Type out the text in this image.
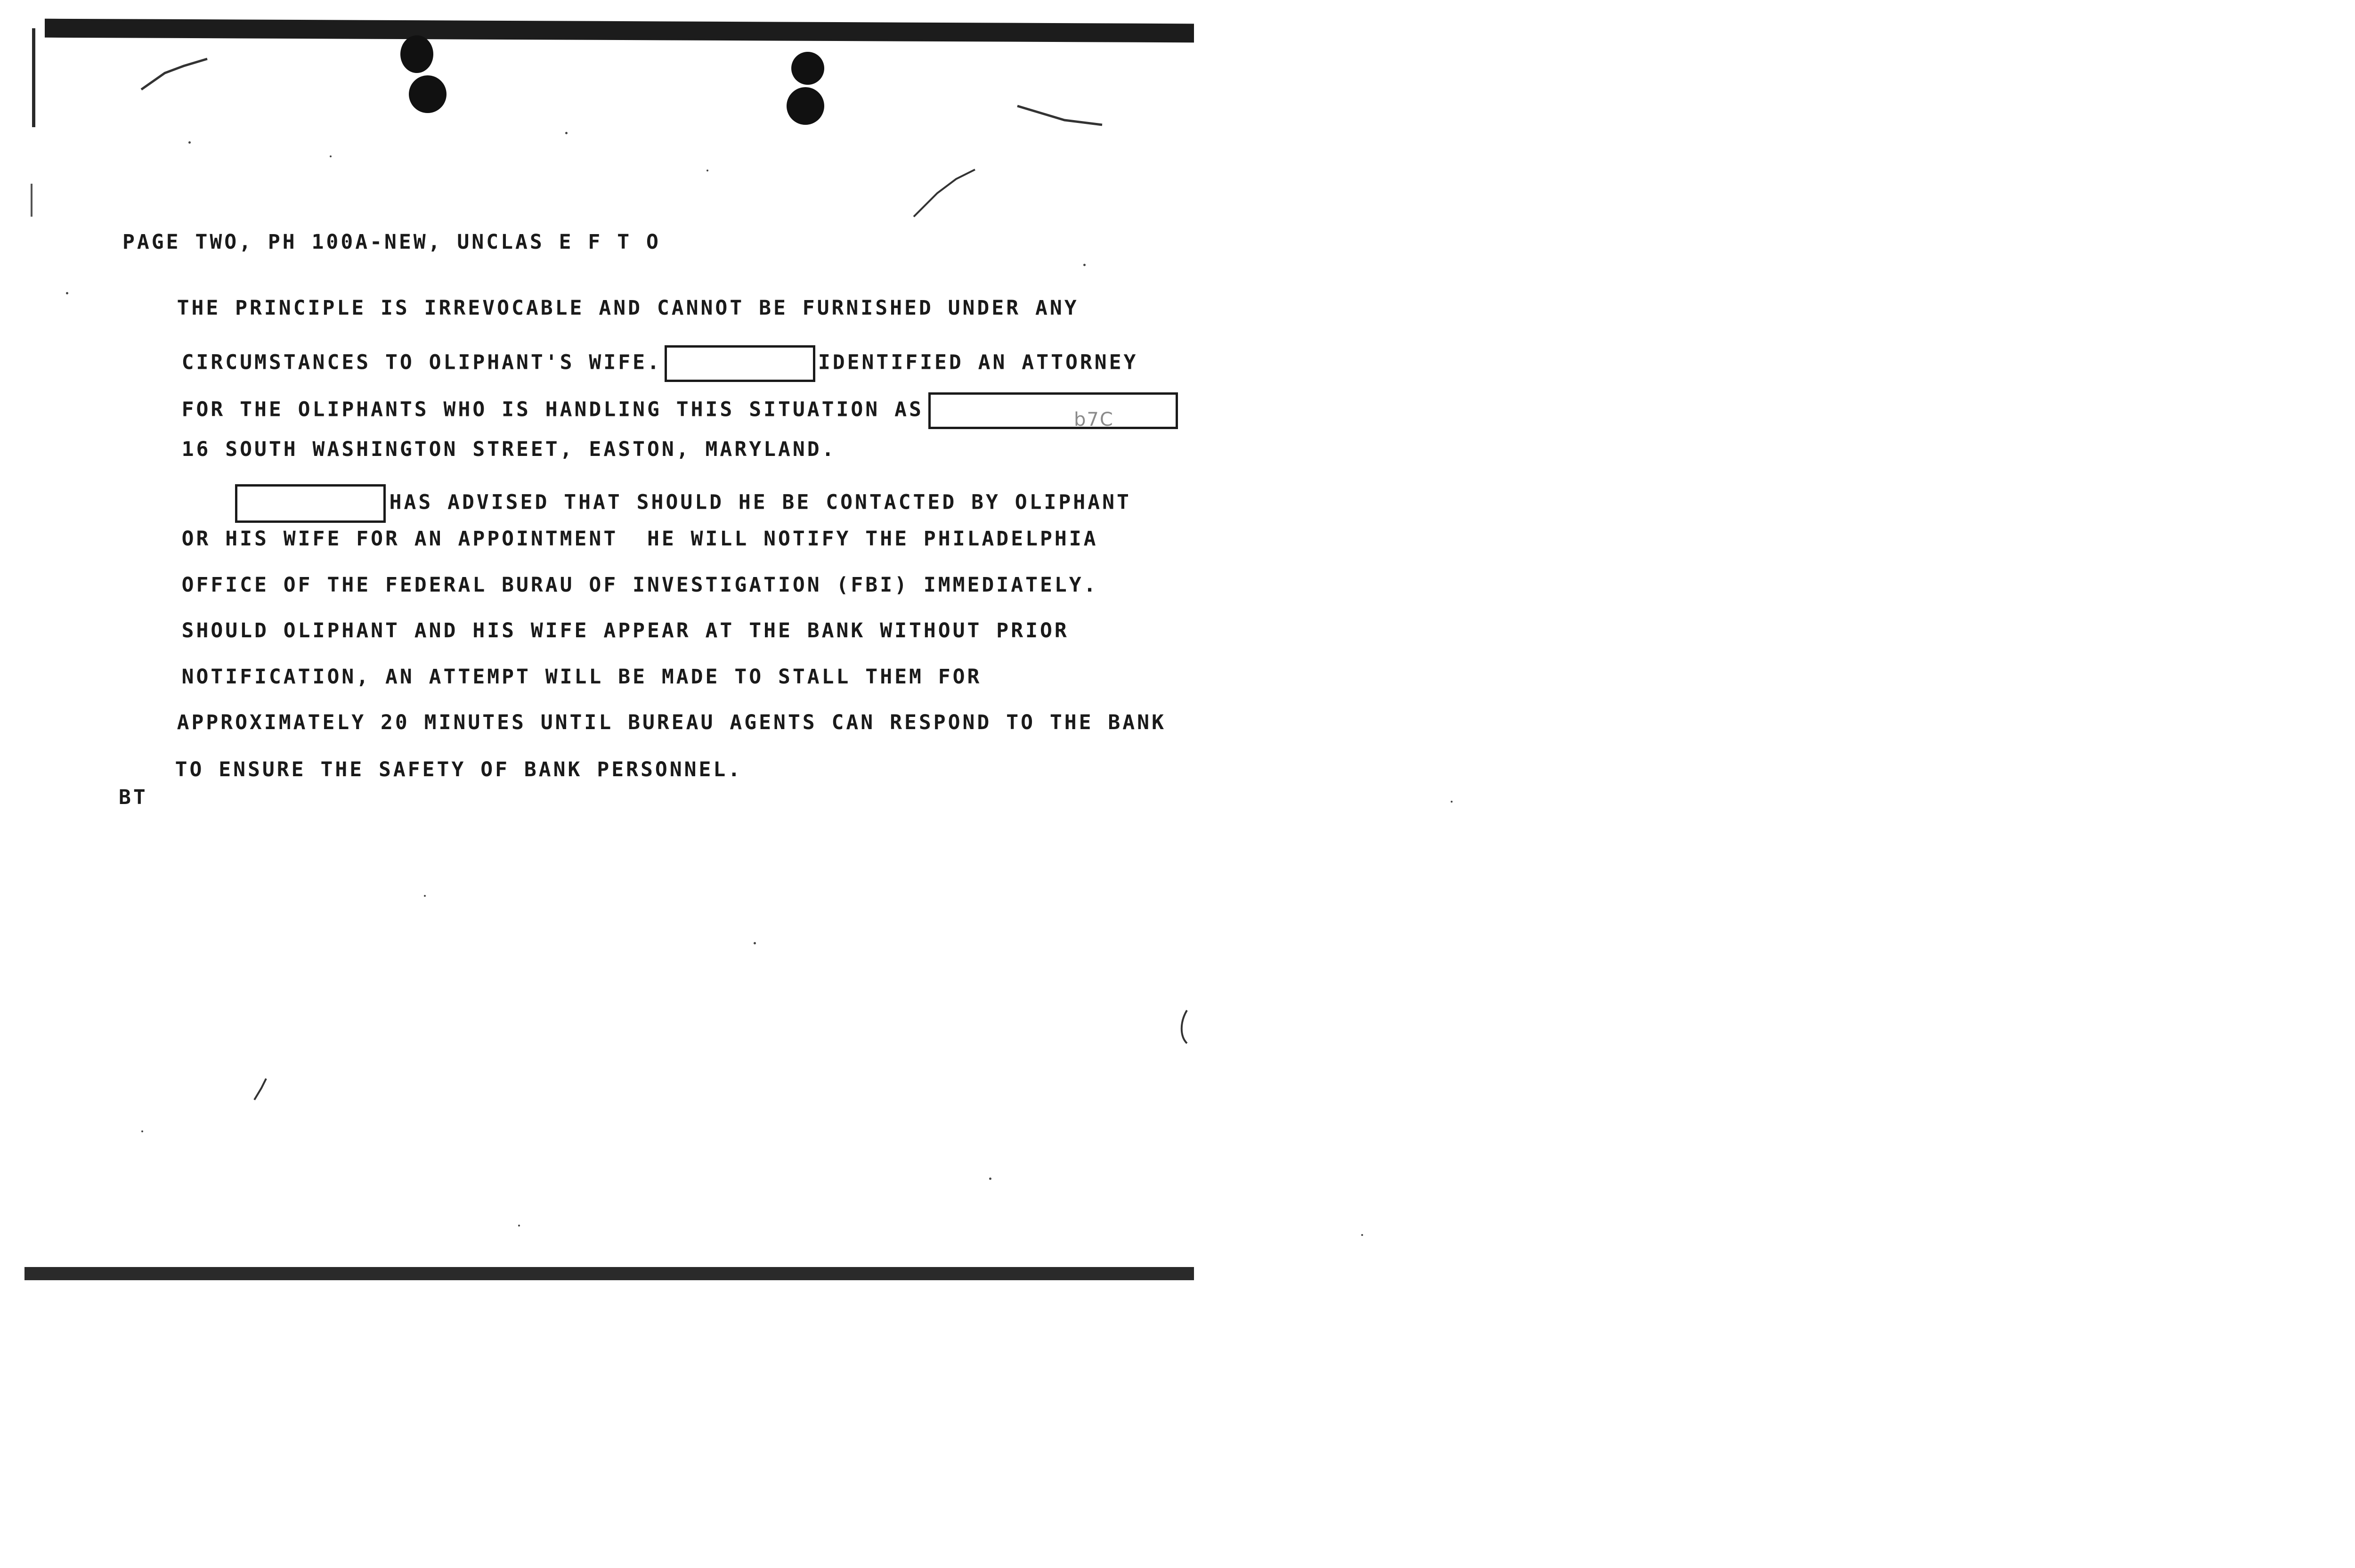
PAGE TWO, PH 100A-NEW, UNCLAS E F T O

THE PRINCIPLE IS IRREVOCABLE AND CANNOT BE FURNISHED UNDER ANY

CIRCUMSTANCES TO OLIPHANT'S WIFE.	IDENTIFIED AN ATTORNEY

FOR THE OLIPHANTS WHO IS HANDLING THIS SITUATION AS

16 SOUTH WASHINGTON STREET, EASTON, MARYLAND.

b7C

HAS ADVISED THAT SHOULD HE BE CONTACTED BY OLIPHANT

OR HIS WIFE FOR AN APPOINTMENT  HE WILL NOTIFY THE PHILADELPHIA

OFFICE OF THE FEDERAL BURAU OF INVESTIGATION (FBI) IMMEDIATELY.

SHOULD OLIPHANT AND HIS WIFE APPEAR AT THE BANK WITHOUT PRIOR

NOTIFICATION, AN ATTEMPT WILL BE MADE TO STALL THEM FOR

APPROXIMATELY 20 MINUTES UNTIL BUREAU AGENTS CAN RESPOND TO THE BANK

TO ENSURE THE SAFETY OF BANK PERSONNEL.

BT
